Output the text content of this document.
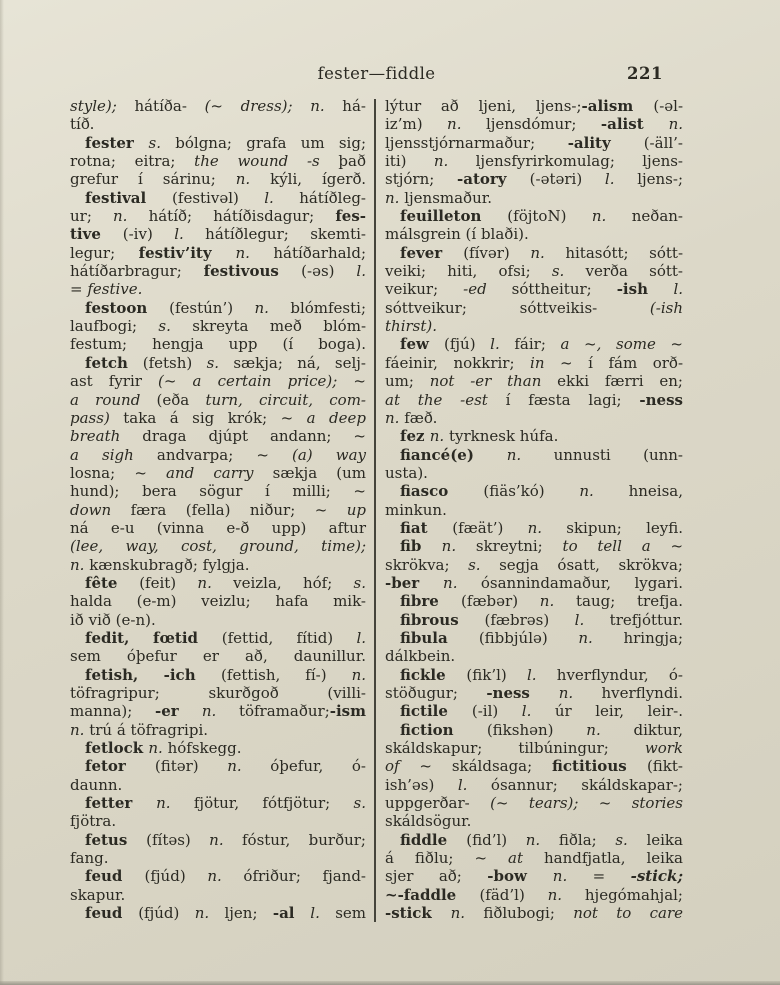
fester—fiddle	221
style); hátíða- (~ dress); n. há-
tíð.
fester s. bólgna; grafa um sig;
rotna; eitra; the wound -s það
grefur í sárinu; n. kýli, ígerð.
festival (festivəl) l. hátíðleg-
ur; n. hátíð; hátíðisdagur; fes-
tive (-iv) l. hátíðlegur; skemti-
legur; festiv’ity n. hátíðarhald;
hátíðarbragur; festivous (-əs) l.
= festive.
festoon (festún’) n. blómfesti;
laufbogi; s. skreyta með blóm-
festum; hengja upp (í boga).
fetch (fetsh) s. sækja; ná, selj-
ast fyrir (~ a certain price); ~
a round (eða turn, circuit, com-
pass) taka á sig krók; ~ a deep
breath draga djúpt andann; ~
a sigh andvarpa; ~ (a) way
losna; ~ and carry sækja (um
hund); bera sögur í milli; ~
down færa (fella) niður; ~ up
ná e-u (vinna e-ð upp) aftur
(lee, way, cost, ground, time);
n. kænskubragð; fylgja.
fête (feit) n. veizla, hóf; s.
halda (e-m) veizlu; hafa mik-
ið við (e-n).
fedit, fœtid (fettid, fítid) l.
sem óþefur er að, daunillur.
fetish, -ich (fettish, fí-) n.
töfragripur; skurðgoð (villi-
manna); -er n. töframaður;-ism
n. trú á töfragripi.
fetlock n. hófskegg.
fetor (fitər) n. óþefur, ó-
daunn.
fetter n. fjötur, fótfjötur; s.
fjötra.
fetus (fítəs) n. fóstur, burður;
fang.
feud (fjúd) n. ófriður; fjand-
skapur.
feud (fjúd) n. ljen; -al l. sem
lýtur að ljeni, ljens-;-alism (-əl-
iz’m) n. ljensdómur; -alist n.
ljensstjórnarmaður; -ality (-äll’-
iti) n. ljensfyrirkomulag; ljens-
stjórn; -atory (-ətəri) l. ljens-;
n. ljensmaður.
feuilleton (föjtoN) n. neðan-
málsgrein (í blaði).
fever (fívər) n. hitasótt; sótt-
veiki; hiti, ofsi; s. verða sótt-
veikur; -ed sóttheitur; -ish l.
sóttveikur; sóttveikis- (-ish
thirst).
few (fjú) l. fáir; a ~, some ~
fáeinir, nokkrir; in ~ í fám orð-
um; not -er than ekki færri en;
at the -est í fæsta lagi; -ness
n. fæð.
fez n. tyrknesk húfa.
fiancé(e) n. unnusti (unn-
usta).
fiasco (fiäs’kó) n. hneisa,
minkun.
fiat (fæät’) n. skipun; leyfi.
fib n. skreytni; to tell a ~
skrökva; s. segja ósatt, skrökva;
-ber n. ósannindamaður, lygari.
fibre (fæbər) n. taug; trefja.
fibrous (fæbrəs) l. trefjóttur.
fibula (fibbjúlə) n. hringja;
dálkbein.
fickle (fik’l) l. hverflyndur, ó-
stöðugur; -ness n. hverflyndi.
fictile (-il) l. úr leir, leir-.
fiction (fikshən) n. diktur,
skáldskapur; tilbúningur; work
of ~ skáldsaga; fictitious (fikt-
ish’əs) l. ósannur; skáldskapar-;
uppgerðar- (~ tears); ~ stories
skáldsögur.
fiddle (fid’l) n. fiðla; s. leika
á fiðlu; ~ at handfjatla, leika
sjer að; -bow n. = -stick;
~-faddle (fäd’l) n. hjegómahjal;
-stick n. fiðlubogi; not to care
